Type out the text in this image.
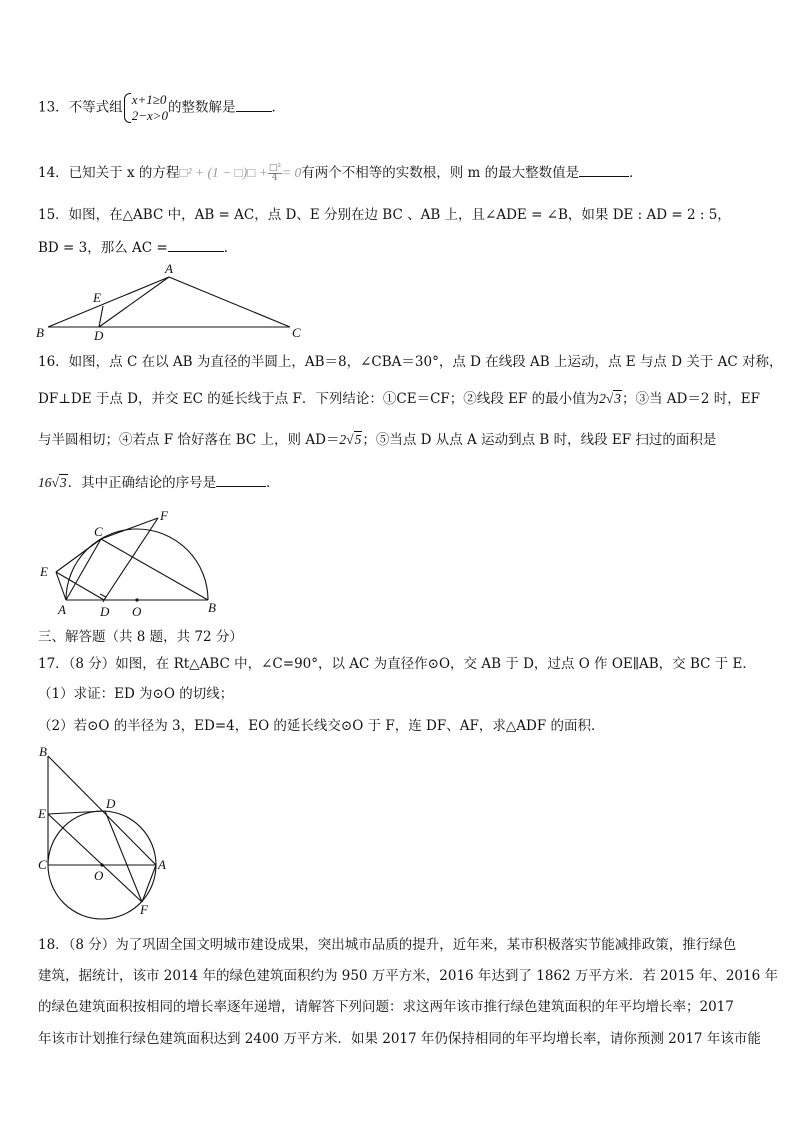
13．不等式组 x+1≥0
2−x>0 的整数解是	．
14．已知关于 x 的方程□² + (1 − □)□ + $\frac{\text{□²}}{4} = 0$有两个不相等的实数根，则 m 的最大整数值是	．
15．如图，在△ABC 中，AB = AC，点 D、E 分别在边 BC 、AB 上，且∠ADE = ∠B，如果 DE : AD = 2 : 5，
BD = 3，那么 AC =	．
A
B	C
D
E
16．如图，点 C 在以 AB 为直径的半圆上，AB＝8，∠CBA＝30°，点 D 在线段 AB 上运动，点 E 与点 D 关于 AC 对称，
DF⊥DE 于点 D，并交 EC 的延长线于点 F．下列结论：①CE＝CF；②线段 EF 的最小值为2√3；③当 AD＝2 时，EF
与半圆相切；④若点 F 恰好落在 BC 上，则 AD＝2√5；⑤当点 D 从点 A 运动到点 B 时，线段 EF 扫过的面积是
16√3．其中正确结论的序号是	．
C
F
E
A	D O	B
三、解答题（共 8 题，共 72 分）
17．（8 分）如图，在 Rt△ABC 中，∠C=90°，以 AC 为直径作⊙O，交 AB 于 D，过点 O 作 OE∥AB，交 BC 于 E．
（1）求证：ED 为⊙O 的切线；
（2）若⊙O 的半径为 3，ED=4，EO 的延长线交⊙O 于 F，连 DF、AF，求△ADF 的面积．
B
D
E
C	A
O
F
18．（8 分）为了巩固全国文明城市建设成果，突出城市品质的提升，近年来，某市积极落实节能减排政策，推行绿色
建筑，据统计，该市 2014 年的绿色建筑面积约为 950 万平方米，2016 年达到了 1862 万平方米．若 2015 年、2016 年
的绿色建筑面积按相同的增长率逐年递增，请解答下列问题：求这两年该市推行绿色建筑面积的年平均增长率；2017
年该市计划推行绿色建筑面积达到 2400 万平方米．如果 2017 年仍保持相同的年平均增长率，请你预测 2017 年该市能
